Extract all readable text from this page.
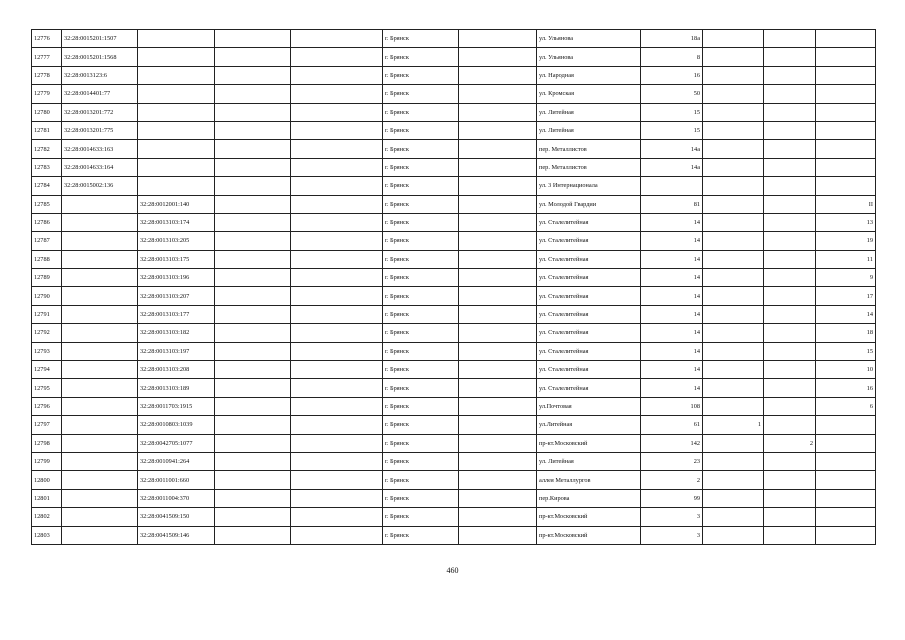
12776	32:28:0015201:1507				г. Брянск		ул. Ульянова	18а			
12777	32:28:0015201:1568				г. Брянск		ул. Ульянова	8			
12778	32:28:0013123:6				г. Брянск		ул. Народная	16			
12779	32:28:0014401:77				г. Брянск		ул. Кромская	50			
12780	32:28:0013201:772				г. Брянск		ул. Литейная	15			
12781	32:28:0013201:775				г. Брянск		ул. Литейная	15			
12782	32:28:0014633:163				г. Брянск		пер. Металлистов	14а			
12783	32:28:0014633:164				г. Брянск		пер. Металлистов	14а			
12784	32:28:0015002:136				г. Брянск		ул. 3 Интернационала				
12785		32:28:0012001:140			г. Брянск		ул. Молодой Гвардии	81			II
12786		32:28:0013103:174			г. Брянск		ул. Сталелитейная	14			13
12787		32:28:0013103:205			г. Брянск		ул. Сталелитейная	14			19
12788		32:28:0013103:175			г. Брянск		ул. Сталелитейная	14			11
12789		32:28:0013103:196			г. Брянск		ул. Сталелитейная	14			9
12790		32:28:0013103:207			г. Брянск		ул. Сталелитейная	14			17
12791		32:28:0013103:177			г. Брянск		ул. Сталелитейная	14			14
12792		32:28:0013103:182			г. Брянск		ул. Сталелитейная	14			18
12793		32:28:0013103:197			г. Брянск		ул. Сталелитейная	14			15
12794		32:28:0013103:208			г. Брянск		ул. Сталелитейная	14			10
12795		32:28:0013103:189			г. Брянск		ул. Сталелитейная	14			16
12796		32:28:0011703:1915			г. Брянск		ул.Почтовая	108			6
12797		32:28:0010803:1039			г. Брянск		ул.Литейная	61	1		
12798		32:28:0042705:1077			г. Брянск		пр-кт.Московский	142		2	
12799		32:28:0010941:264			г. Брянск		ул. Литейная	23			
12800		32:28:0011001:660			г. Брянск		аллея Металлургов	2			
12801		32:28:0011004:370			г. Брянск		пер.Кирова	99			
12802		32:28:0041509:150			г. Брянск		пр-кт.Московский	3			
12803		32:28:0041509:146			г. Брянск		пр-кт.Московский	3			
460
